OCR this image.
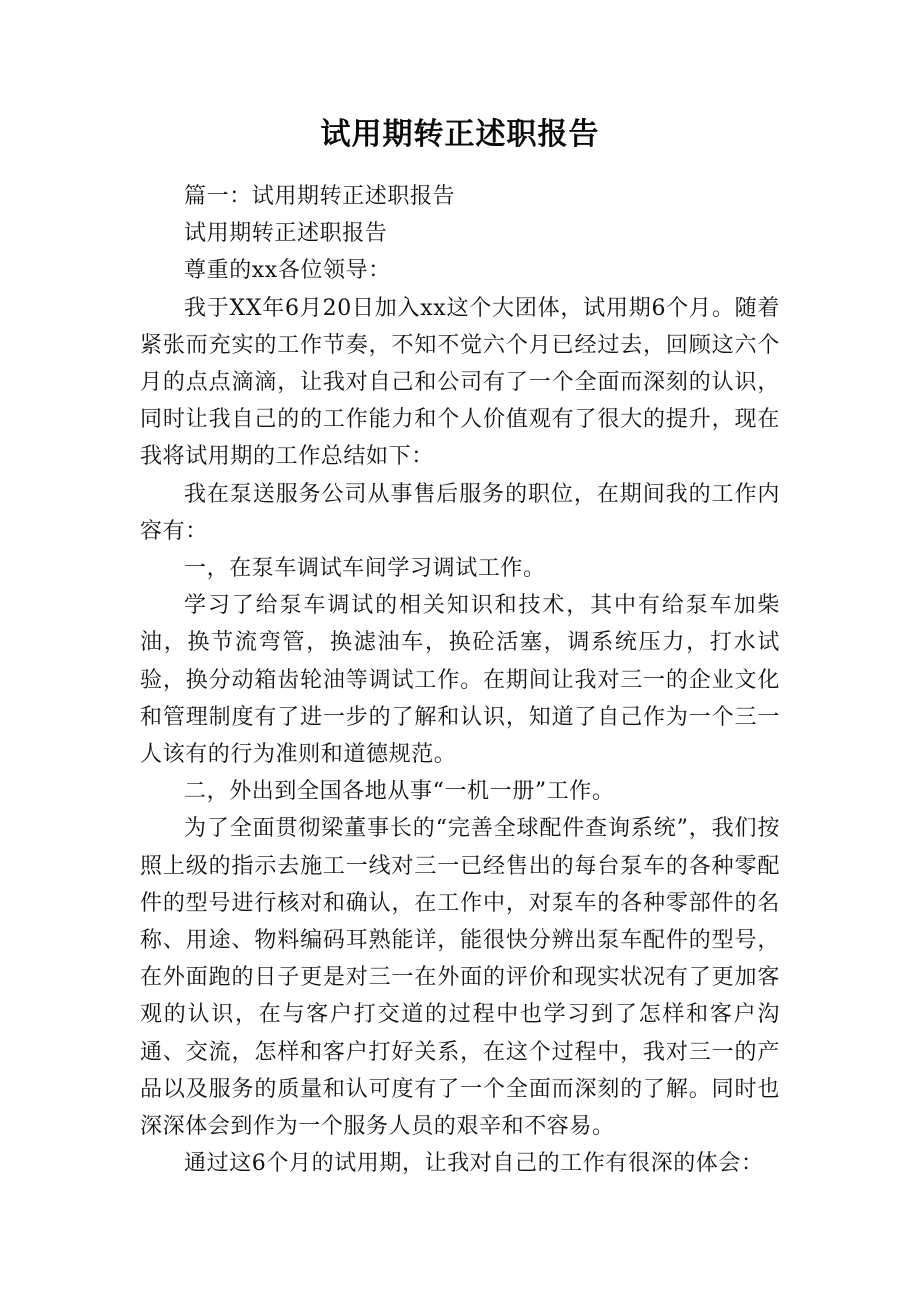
试用期转正述职报告

篇一：试用期转正述职报告

试用期转正述职报告

尊重的xx各位领导：

我于XX年6月20日加入xx这个大团体，试用期6个月。随着紧张而充实的工作节奏，不知不觉六个月已经过去，回顾这六个月的点点滴滴，让我对自己和公司有了一个全面而深刻的认识，同时让我自己的的工作能力和个人价值观有了很大的提升，现在我将试用期的工作总结如下：

我在泵送服务公司从事售后服务的职位，在期间我的工作内容有：

一，在泵车调试车间学习调试工作。

学习了给泵车调试的相关知识和技术，其中有给泵车加柴油，换节流弯管，换滤油车，换砼活塞，调系统压力，打水试验，换分动箱齿轮油等调试工作。在期间让我对三一的企业文化和管理制度有了进一步的了解和认识，知道了自己作为一个三一人该有的行为准则和道德规范。

二，外出到全国各地从事“一机一册”工作。

为了全面贯彻梁董事长的“完善全球配件查询系统”，我们按照上级的指示去施工一线对三一已经售出的每台泵车的各种零配件的型号进行核对和确认，在工作中，对泵车的各种零部件的名称、用途、物料编码耳熟能详，能很快分辨出泵车配件的型号，在外面跑的日子更是对三一在外面的评价和现实状况有了更加客观的认识，在与客户打交道的过程中也学习到了怎样和客户沟通、交流，怎样和客户打好关系，在这个过程中，我对三一的产品以及服务的质量和认可度有了一个全面而深刻的了解。同时也深深体会到作为一个服务人员的艰辛和不容易。

通过这6个月的试用期，让我对自己的工作有很深的体会：
